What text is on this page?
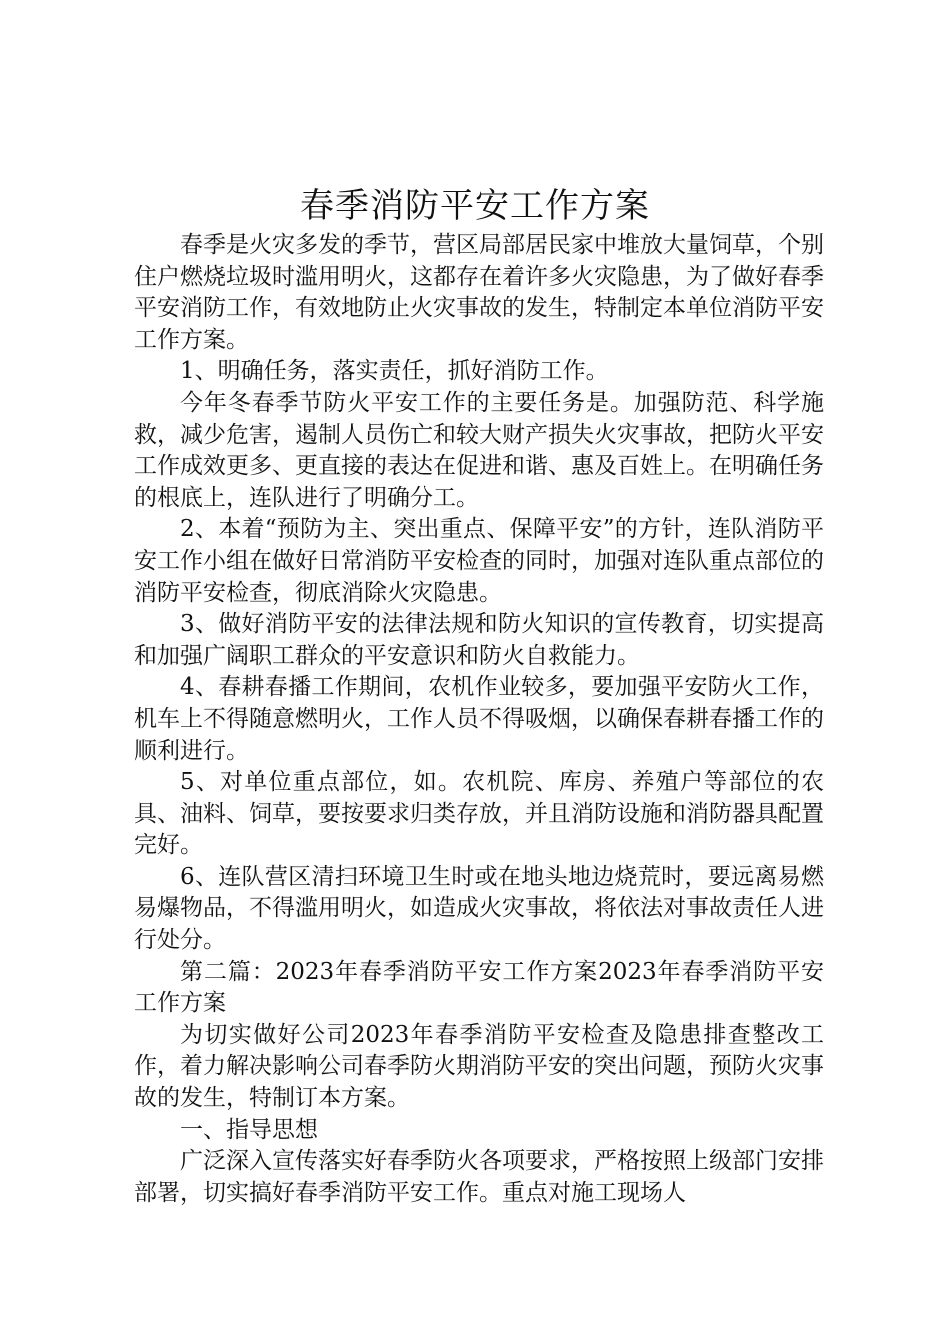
春季消防平安工作方案

春季是火灾多发的季节，营区局部居民家中堆放大量饲草，个别住户燃烧垃圾时滥用明火，这都存在着许多火灾隐患，为了做好春季平安消防工作，有效地防止火灾事故的发生，特制定本单位消防平安工作方案。

1、明确任务，落实责任，抓好消防工作。

今年冬春季节防火平安工作的主要任务是。加强防范、科学施救，减少危害，遏制人员伤亡和较大财产损失火灾事故，把防火平安工作成效更多、更直接的表达在促进和谐、惠及百姓上。在明确任务的根底上，连队进行了明确分工。

2、本着“预防为主、突出重点、保障平安”的方针，连队消防平安工作小组在做好日常消防平安检查的同时，加强对连队重点部位的消防平安检查，彻底消除火灾隐患。

3、做好消防平安的法律法规和防火知识的宣传教育，切实提高和加强广阔职工群众的平安意识和防火自救能力。

4、春耕春播工作期间，农机作业较多，要加强平安防火工作，机车上不得随意燃明火，工作人员不得吸烟，以确保春耕春播工作的顺利进行。

5、对单位重点部位，如。农机院、库房、养殖户等部位的农具、油料、饲草，要按要求归类存放，并且消防设施和消防器具配置完好。

6、连队营区清扫环境卫生时或在地头地边烧荒时，要远离易燃易爆物品，不得滥用明火，如造成火灾事故，将依法对事故责任人进行处分。

第二篇：2023年春季消防平安工作方案2023年春季消防平安工作方案

为切实做好公司2023年春季消防平安检查及隐患排查整改工作，着力解决影响公司春季防火期消防平安的突出问题，预防火灾事故的发生，特制订本方案。

一、指导思想

广泛深入宣传落实好春季防火各项要求，严格按照上级部门安排部署，切实搞好春季消防平安工作。重点对施工现场人
